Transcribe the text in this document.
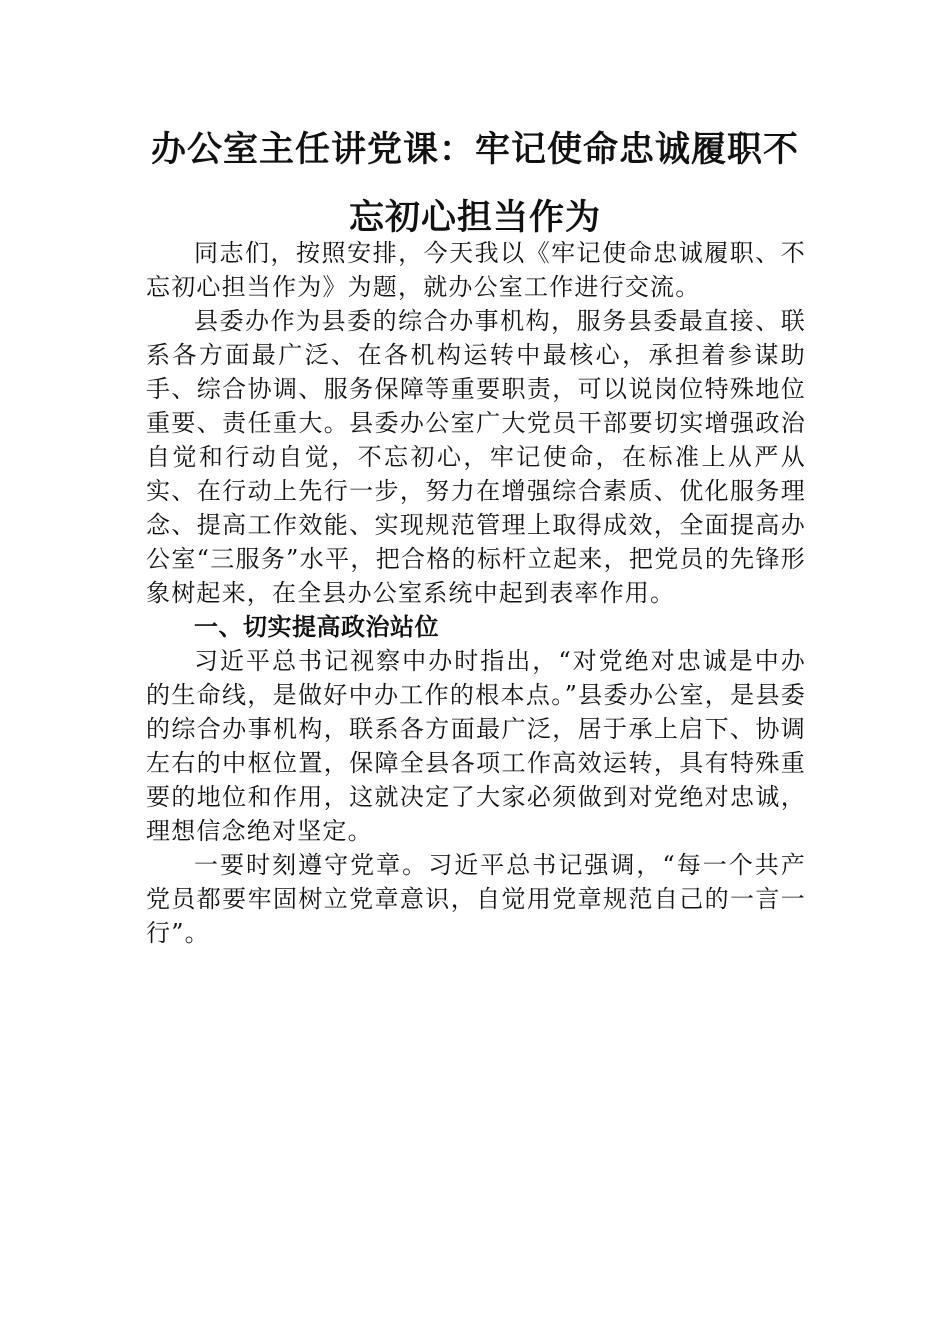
办公室主任讲党课：牢记使命忠诚履职不
忘初心担当作为

同志们，按照安排，今天我以《牢记使命忠诚履职、不忘初心担当作为》为题，就办公室工作进行交流。

县委办作为县委的综合办事机构，服务县委最直接、联系各方面最广泛、在各机构运转中最核心，承担着参谋助手、综合协调、服务保障等重要职责，可以说岗位特殊地位重要、责任重大。县委办公室广大党员干部要切实增强政治自觉和行动自觉，不忘初心，牢记使命，在标准上从严从实、在行动上先行一步，努力在增强综合素质、优化服务理念、提高工作效能、实现规范管理上取得成效，全面提高办公室“三服务”水平，把合格的标杆立起来，把党员的先锋形象树起来，在全县办公室系统中起到表率作用。

一、切实提高政治站位

习近平总书记视察中办时指出，“对党绝对忠诚是中办的生命线，是做好中办工作的根本点。”县委办公室，是县委的综合办事机构，联系各方面最广泛，居于承上启下、协调左右的中枢位置，保障全县各项工作高效运转，具有特殊重要的地位和作用，这就决定了大家必须做到对党绝对忠诚，理想信念绝对坚定。

一要时刻遵守党章。习近平总书记强调，“每一个共产党员都要牢固树立党章意识，自觉用党章规范自己的一言一行”。
